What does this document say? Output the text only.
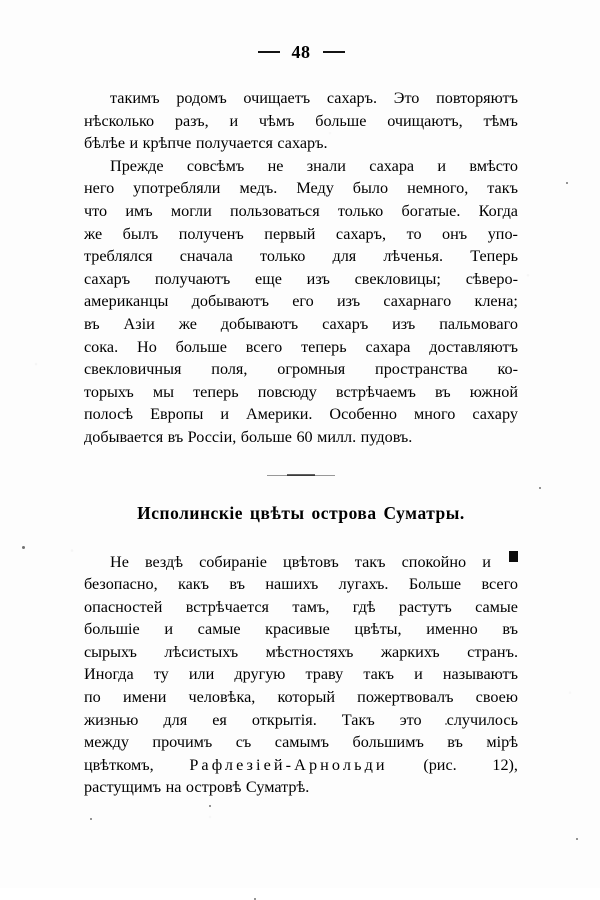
48

такимъ родомъ очищаетъ сахаръ. Это повторяютъ
нѣсколько разъ, и чѣмъ больше очищаютъ, тѣмъ
бѣлѣе и крѣпче получается сахаръ.

Прежде совсѣмъ не знали сахара и вмѣсто
него употребляли медъ. Меду было немного, такъ
что имъ могли пользоваться только богатые. Когда
же былъ полученъ первый сахаръ, то онъ упо-
треблялся сначала только для лѣченья. Теперь
сахаръ получаютъ еще изъ свекловицы; сѣверо-
американцы добываютъ его изъ сахарнаго клена;
въ Азiи же добываютъ сахаръ изъ пальмоваго
сока. Но больше всего теперь сахара доставляютъ
свекловичныя поля, огромныя пространства ко-
торыхъ мы теперь повсюду встрѣчаемъ въ южной
полосѣ Европы и Америки. Особенно много сахару
добывается въ Россiи, больше 60 милл. пудовъ.

Исполинскiе цвѣты острова Суматры.

Не вездѣ собиранiе цвѣтовъ такъ спокойно и
безопасно, какъ въ нашихъ лугахъ. Больше всего
опасностей встрѣчается тамъ, гдѣ растутъ самые
большiе и самые красивые цвѣты, именно въ
сырыхъ лѣсистыхъ мѣстностяхъ жаркихъ странъ.
Иногда ту или другую траву такъ и называютъ
по имени человѣка, который пожертвовалъ своею
жизнью для ея открытiя. Такъ это случилось
между прочимъ съ самымъ большимъ въ мiрѣ
цвѣткомъ, Рафлезiей-Арнольди (рис. 12),
растущимъ на островѣ Суматрѣ.
